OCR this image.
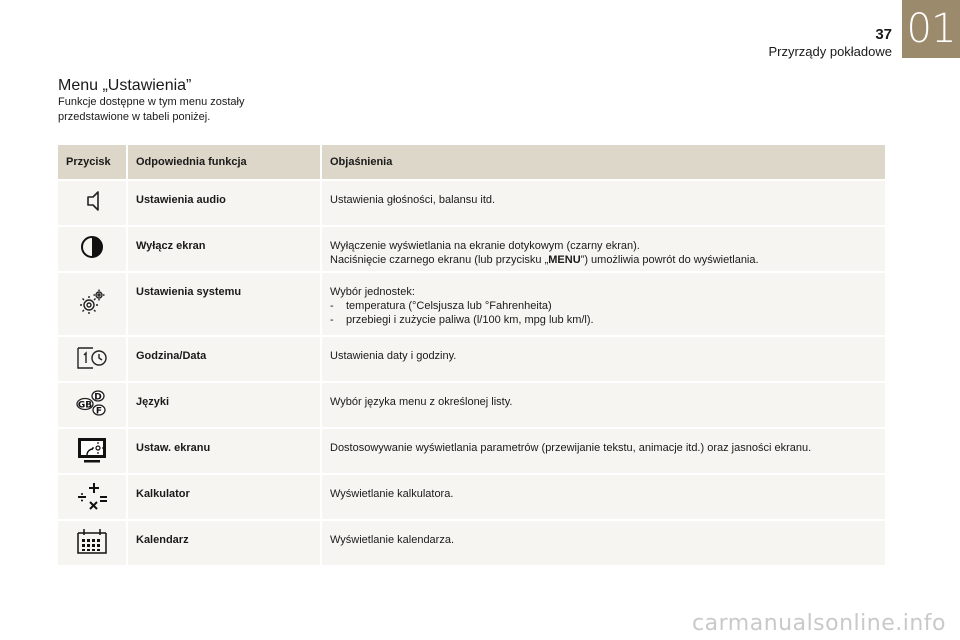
01
37
Przyrządy pokładowe
Menu „Ustawienia”
Funkcje dostępne w tym menu zostały przedstawione w tabeli poniżej.
Przycisk	Odpowiednia funkcja	Objaśnienia

	Ustawienia audio	Ustawienia głośności, balansu itd.

	Wyłącz ekran	Wyłączenie wyświetlania na ekranie dotykowym (czarny ekran).
Naciśnięcie czarnego ekranu (lub przycisku „MENU”) umożliwia powrót do wyświetlania.

	Ustawienia systemu	Wybór jednostek:
- temperatura (°Celsjusza lub °Fahrenheita)
- przebiegi i zużycie paliwa (l/100 km, mpg lub km/l).

	Godzina/Data	Ustawienia daty i godziny.

D
GB
F	Języki	Wybór języka menu z określonej listy.

	Ustaw. ekranu	Dostosowywanie wyświetlania parametrów (przewijanie tekstu, animacje itd.) oraz jasności ekranu.

	Kalkulator	Wyświetlanie kalkulatora.

	Kalendarz	Wyświetlanie kalendarza.
carmanualsonline.info
